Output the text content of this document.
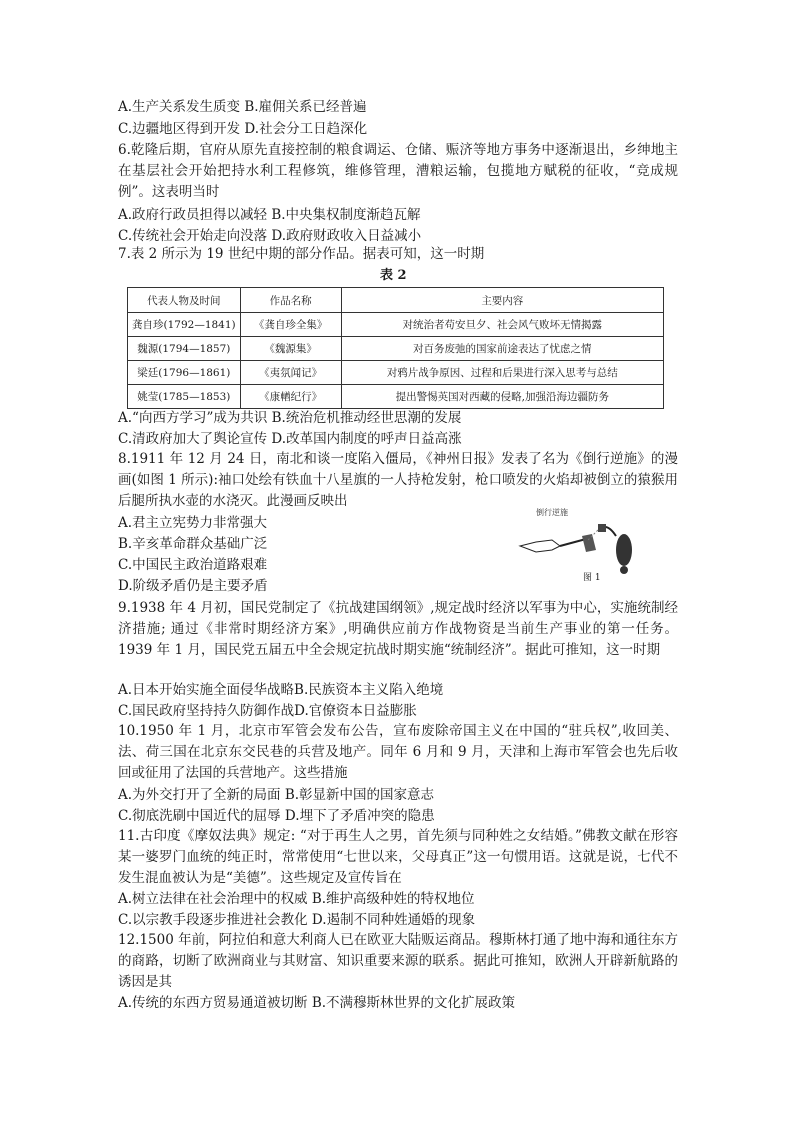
A.生产关系发生质变 B.雇佣关系已经普遍
C.边疆地区得到开发 D.社会分工日趋深化
6.乾隆后期，官府从原先直接控制的粮食调运、仓储、赈济等地方事务中逐渐退出，乡绅地主在基层社会开始把持水利工程修筑，维修管理，漕粮运输，包揽地方赋税的征收，“竞成规例”。这表明当时
A.政府行政员担得以减轻 B.中央集权制度渐趋瓦解
C.传统社会开始走向没落 D.政府财政收入日益减小
7.表 2 所示为 19 世纪中期的部分作品。据表可知，这一时期
表 2
代表人物及时间	作品名称	主要内容
龚自珍(1792—1841)	《龚自珍全集》	对统治者苟安旦夕、社会风气败坏无情揭露
魏源(1794—1857)	《魏源集》	对百务废弛的国家前途表达了忧虑之情
梁廷(1796—1861)	《夷氛闻记》	对鸦片战争原因、过程和后果进行深入思考与总结
姚莹(1785—1853)	《康輶纪行》	提出警惕英国对西藏的侵略,加强沿海边疆防务
A.“向西方学习”成为共识 B.统治危机推动经世思潮的发展
C.清政府加大了舆论宣传 D.改革国内制度的呼声日益高涨
8.1911 年 12 月 24 日，南北和谈一度陷入僵局，《神州日报》发表了名为《倒行逆施》的漫画(如图 1 所示):袖口处绘有铁血十八星旗的一人持枪发射，枪口喷发的火焰却被倒立的猿猴用后腿所执水壶的水浇灭。此漫画反映出
A.君主立宪势力非常强大
B.辛亥革命群众基础广泛
C.中国民主政治道路艰难
D.阶级矛盾仍是主要矛盾
倒行逆施
图 1
9.1938 年 4 月初，国民党制定了《抗战建国纲领》,规定战时经济以军事为中心，实施统制经济措施; 通过《非常时期经济方案》,明确供应前方作战物资是当前生产事业的第一任务。1939 年 1 月，国民党五届五中全会规定抗战时期实施“统制经济”。据此可推知，这一时期
A.日本开始实施全面侵华战略B.民族资本主义陷入绝境
C.国民政府坚持持久防御作战D.官僚资本日益膨胀
10.1950 年 1 月，北京市军管会发布公告，宣布废除帝国主义在中国的“驻兵权”,收回美、法、荷三国在北京东交民巷的兵营及地产。同年 6 月和 9 月，天津和上海市军管会也先后收回或征用了法国的兵营地产。这些措施
A.为外交打开了全新的局面 B.彰显新中国的国家意志
C.彻底洗刷中国近代的屈辱 D.埋下了矛盾冲突的隐患
11.古印度《摩奴法典》规定: “对于再生人之男，首先须与同种姓之女结婚。”佛教文献在形容某一婆罗门血统的纯正时，常常使用“七世以来，父母真正”这一句惯用语。这就是说，七代不发生混血被认为是“美德”。这些规定及宣传旨在
A.树立法律在社会治理中的权威 B.维护高级种姓的特权地位
C.以宗教手段逐步推进社会教化 D.遏制不同种姓通婚的现象
12.1500 年前，阿拉伯和意大利商人已在欧亚大陆贩运商品。穆斯林打通了地中海和通往东方的商路，切断了欧洲商业与其财富、知识重要来源的联系。据此可推知，欧洲人开辟新航路的诱因是其
A.传统的东西方贸易通道被切断 B.不满穆斯林世界的文化扩展政策
